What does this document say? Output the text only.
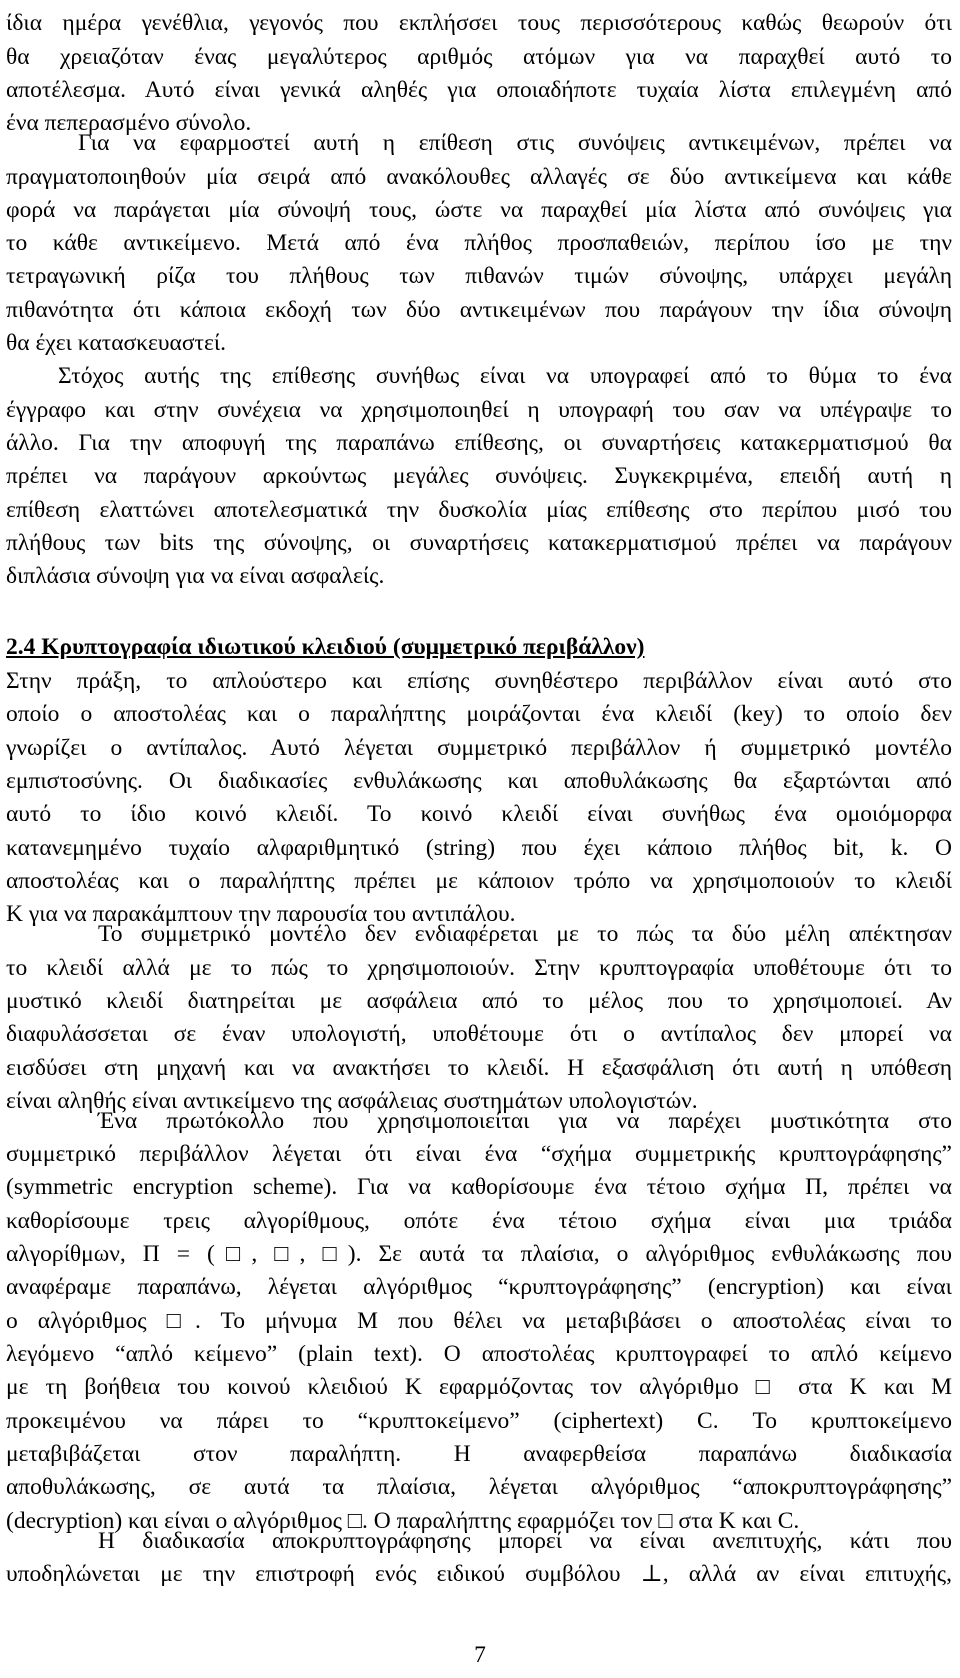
ίδια ημέρα γενέθλια, γεγονός που εκπλήσσει τους περισσότερους καθώς θεωρούν ότι
θα χρειαζόταν ένας μεγαλύτερος αριθμός ατόμων για να παραχθεί αυτό το
αποτέλεσμα. Αυτό είναι γενικά αληθές για οποιαδήποτε τυχαία λίστα επιλεγμένη από
ένα πεπερασμένο σύνολο.
Για να εφαρμοστεί αυτή η επίθεση στις συνόψεις αντικειμένων, πρέπει να
πραγματοποιηθούν μία σειρά από ανακόλουθες αλλαγές σε δύο αντικείμενα και κάθε
φορά να παράγεται μία σύνοψή τους, ώστε να παραχθεί μία λίστα από συνόψεις για
το κάθε αντικείμενο. Μετά από ένα πλήθος προσπαθειών, περίπου ίσο με την
τετραγωνική ρίζα του πλήθους των πιθανών τιμών σύνοψης, υπάρχει μεγάλη
πιθανότητα ότι κάποια εκδοχή των δύο αντικειμένων που παράγουν την ίδια σύνοψη
θα έχει κατασκευαστεί.
Στόχος αυτής της επίθεσης συνήθως είναι να υπογραφεί από το θύμα το ένα
έγγραφο και στην συνέχεια να χρησιμοποιηθεί η υπογραφή του σαν να υπέγραψε το
άλλο. Για την αποφυγή της παραπάνω επίθεσης, οι συναρτήσεις κατακερματισμού θα
πρέπει να παράγουν αρκούντως μεγάλες συνόψεις. Συγκεκριμένα, επειδή αυτή η
επίθεση ελαττώνει αποτελεσματικά την δυσκολία μίας επίθεσης στο περίπου μισό του
πλήθους των bits της σύνοψης, οι συναρτήσεις κατακερματισμού πρέπει να παράγουν
διπλάσια σύνοψη για να είναι ασφαλείς.
2.4 Κρυπτογραφία ιδιωτικού κλειδιού (συμμετρικό περιβάλλον)
Στην πράξη, το απλούστερο και επίσης συνηθέστερο περιβάλλον είναι αυτό στο
οποίο ο αποστολέας και ο παραλήπτης μοιράζονται ένα κλειδί (key) το οποίο δεν
γνωρίζει ο αντίπαλος. Αυτό λέγεται συμμετρικό περιβάλλον ή συμμετρικό μοντέλο
εμπιστοσύνης. Οι διαδικασίες ενθυλάκωσης και αποθυλάκωσης θα εξαρτώνται από
αυτό το ίδιο κοινό κλειδί. Το κοινό κλειδί είναι συνήθως ένα ομοιόμορφα
κατανεμημένο τυχαίο αλφαριθμητικό (string) που έχει κάποιο πλήθος bit, k. Ο
αποστολέας και ο παραλήπτης πρέπει με κάποιον τρόπο να χρησιμοποιούν το κλειδί
K για να παρακάμπτουν την παρουσία του αντιπάλου.
Το συμμετρικό μοντέλο δεν ενδιαφέρεται με το πώς τα δύο μέλη απέκτησαν
το κλειδί αλλά με το πώς το χρησιμοποιούν. Στην κρυπτογραφία υποθέτουμε ότι το
μυστικό κλειδί διατηρείται με ασφάλεια από το μέλος που το χρησιμοποιεί. Αν
διαφυλάσσεται σε έναν υπολογιστή, υποθέτουμε ότι ο αντίπαλος δεν μπορεί να
εισδύσει στη μηχανή και να ανακτήσει το κλειδί. Η εξασφάλιση ότι αυτή η υπόθεση
είναι αληθής είναι αντικείμενο της ασφάλειας συστημάτων υπολογιστών.
Ένα πρωτόκολλο που χρησιμοποιείται για να παρέχει μυστικότητα στο
συμμετρικό περιβάλλον λέγεται ότι είναι ένα “σχήμα συμμετρικής κρυπτογράφησης”
(symmetric encryption scheme). Για να καθορίσουμε ένα τέτοιο σχήμα Π, πρέπει να
καθορίσουμε τρεις αλγορίθμους, οπότε ένα τέτοιο σχήμα είναι μια τριάδα
αλγορίθμων, Π = (□, □, □). Σε αυτά τα πλαίσια, ο αλγόριθμος ενθυλάκωσης που
αναφέραμε παραπάνω, λέγεται αλγόριθμος “κρυπτογράφησης” (encryption) και είναι
ο αλγόριθμος □. Το μήνυμα M που θέλει να μεταβιβάσει ο αποστολέας είναι το
λεγόμενο “απλό κείμενο” (plain text). Ο αποστολέας κρυπτογραφεί το απλό κείμενο
με τη βοήθεια του κοινού κλειδιού K εφαρμόζοντας τον αλγόριθμο □ στα K και M
προκειμένου να πάρει το “κρυπτοκείμενο” (ciphertext) C. Το κρυπτοκείμενο
μεταβιβάζεται στον παραλήπτη. Η αναφερθείσα παραπάνω διαδικασία
αποθυλάκωσης, σε αυτά τα πλαίσια, λέγεται αλγόριθμος “αποκρυπτογράφησης”
(decryption) και είναι ο αλγόριθμος □. Ο παραλήπτης εφαρμόζει τον □ στα K και C.
Η διαδικασία αποκρυπτογράφησης μπορεί να είναι ανεπιτυχής, κάτι που
υποδηλώνεται με την επιστροφή ενός ειδικού συμβόλου ⊥, αλλά αν είναι επιτυχής,
7
